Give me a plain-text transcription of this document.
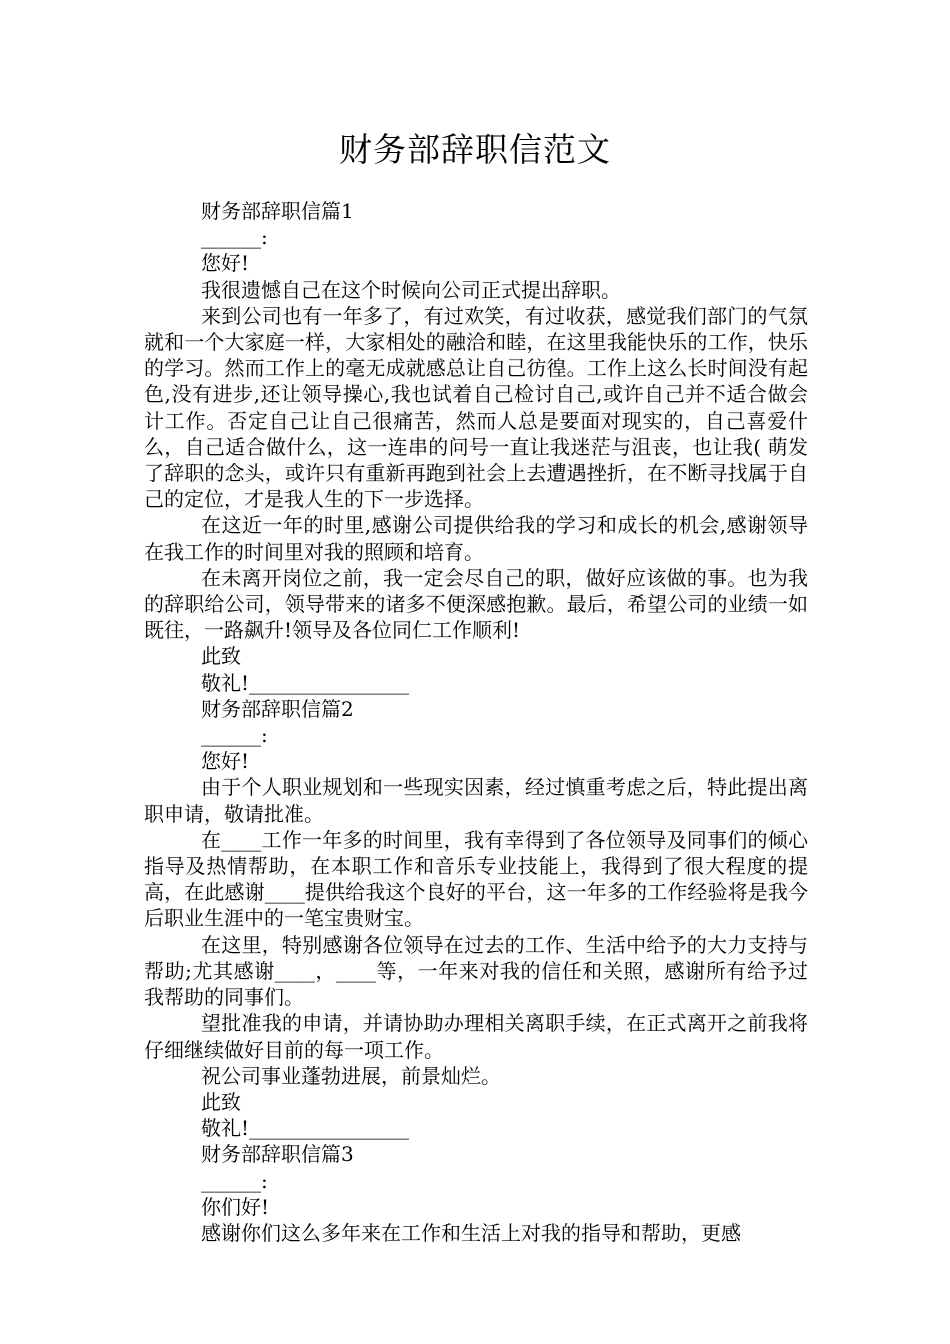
财务部辞职信范文

财务部辞职信篇1

______:

您好!

我很遗憾自己在这个时候向公司正式提出辞职。

来到公司也有一年多了，有过欢笑，有过收获，感觉我们部门的气氛就和一个大家庭一样，大家相处的融洽和睦，在这里我能快乐的工作，快乐的学习。然而工作上的毫无成就感总让自己彷徨。工作上这么长时间没有起色,没有进步,还让领导操心,我也试着自己检讨自己,或许自己并不适合做会计工作。否定自己让自己很痛苦，然而人总是要面对现实的，自己喜爱什么，自己适合做什么，这一连串的问号一直让我迷茫与沮丧，也让我( 萌发了辞职的念头，或许只有重新再跑到社会上去遭遇挫折，在不断寻找属于自己的定位，才是我人生的下一步选择。

在这近一年的时里,感谢公司提供给我的学习和成长的机会,感谢领导在我工作的时间里对我的照顾和培育。

在未离开岗位之前，我一定会尽自己的职，做好应该做的事。也为我的辞职给公司，领导带来的诸多不便深感抱歉。最后，希望公司的业绩一如既往，一路飙升!领导及各位同仁工作顺利!

此致

敬礼!________________

财务部辞职信篇2

______:

您好!

由于个人职业规划和一些现实因素，经过慎重考虑之后，特此提出离职申请，敬请批准。

在____工作一年多的时间里，我有幸得到了各位领导及同事们的倾心指导及热情帮助，在本职工作和音乐专业技能上，我得到了很大程度的提高，在此感谢____提供给我这个良好的平台，这一年多的工作经验将是我今后职业生涯中的一笔宝贵财宝。

在这里，特别感谢各位领导在过去的工作、生活中给予的大力支持与帮助;尤其感谢____，____等，一年来对我的信任和关照，感谢所有给予过我帮助的同事们。

望批准我的申请，并请协助办理相关离职手续，在正式离开之前我将仔细继续做好目前的每一项工作。

祝公司事业蓬勃进展，前景灿烂。

此致

敬礼!________________

财务部辞职信篇3

______:

你们好!

感谢你们这么多年来在工作和生活上对我的指导和帮助，更感
